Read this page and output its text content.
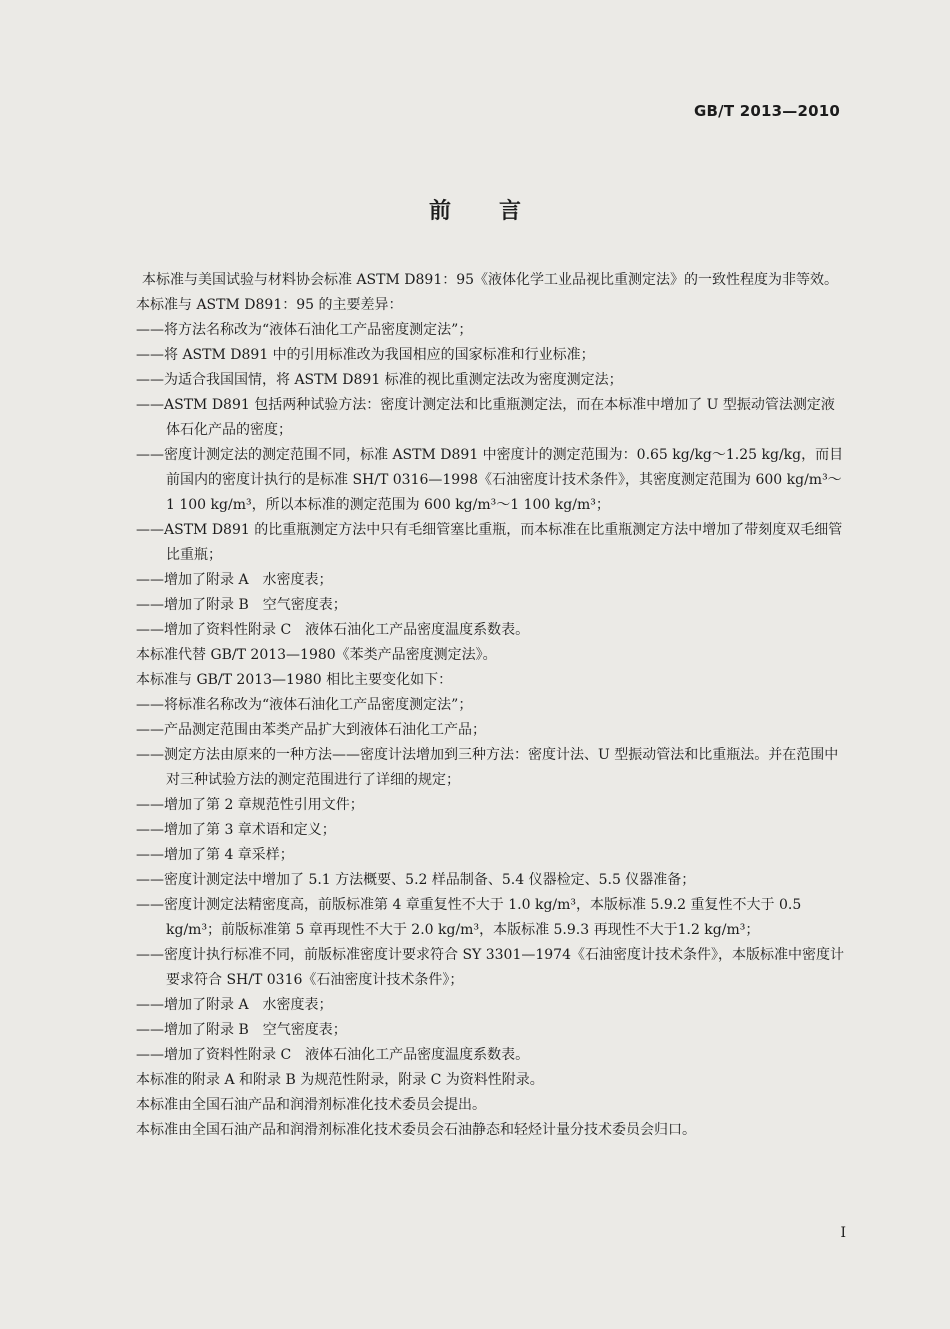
GB/T 2013—2010
前言

本标准与美国试验与材料协会标准 ASTM D891：95《液体化学工业品视比重测定法》的一致性程度为非等效。

本标准与 ASTM D891：95 的主要差异：

——将方法名称改为“液体石油化工产品密度测定法”；

——将 ASTM D891 中的引用标准改为我国相应的国家标准和行业标准；

——为适合我国国情，将 ASTM D891 标准的视比重测定法改为密度测定法；

——ASTM D891 包括两种试验方法：密度计测定法和比重瓶测定法，而在本标准中增加了 U 型振动管法测定液体石化产品的密度；

——密度计测定法的测定范围不同，标准 ASTM D891 中密度计的测定范围为：0.65 kg/kg～1.25 kg/kg，而目前国内的密度计执行的是标准 SH/T 0316—1998《石油密度计技术条件》，其密度测定范围为 600 kg/m³～1 100 kg/m³，所以本标准的测定范围为 600 kg/m³～1 100 kg/m³；

——ASTM D891 的比重瓶测定方法中只有毛细管塞比重瓶，而本标准在比重瓶测定方法中增加了带刻度双毛细管比重瓶；

——增加了附录 A　水密度表；

——增加了附录 B　空气密度表；

——增加了资料性附录 C　液体石油化工产品密度温度系数表。

本标准代替 GB/T 2013—1980《苯类产品密度测定法》。

本标准与 GB/T 2013—1980 相比主要变化如下：

——将标准名称改为“液体石油化工产品密度测定法”；

——产品测定范围由苯类产品扩大到液体石油化工产品；

——测定方法由原来的一种方法——密度计法增加到三种方法：密度计法、U 型振动管法和比重瓶法。并在范围中对三种试验方法的测定范围进行了详细的规定；

——增加了第 2 章规范性引用文件；

——增加了第 3 章术语和定义；

——增加了第 4 章采样；

——密度计测定法中增加了 5.1 方法概要、5.2 样品制备、5.4 仪器检定、5.5 仪器准备；

——密度计测定法精密度高，前版标准第 4 章重复性不大于 1.0 kg/m³，本版标准 5.9.2 重复性不大于 0.5 kg/m³；前版标准第 5 章再现性不大于 2.0 kg/m³，本版标准 5.9.3 再现性不大于1.2 kg/m³；

——密度计执行标准不同，前版标准密度计要求符合 SY 3301—1974《石油密度计技术条件》，本版标准中密度计要求符合 SH/T 0316《石油密度计技术条件》；

——增加了附录 A　水密度表；

——增加了附录 B　空气密度表；

——增加了资料性附录 C　液体石油化工产品密度温度系数表。

本标准的附录 A 和附录 B 为规范性附录，附录 C 为资料性附录。

本标准由全国石油产品和润滑剂标准化技术委员会提出。

本标准由全国石油产品和润滑剂标准化技术委员会石油静态和轻烃计量分技术委员会归口。

I
